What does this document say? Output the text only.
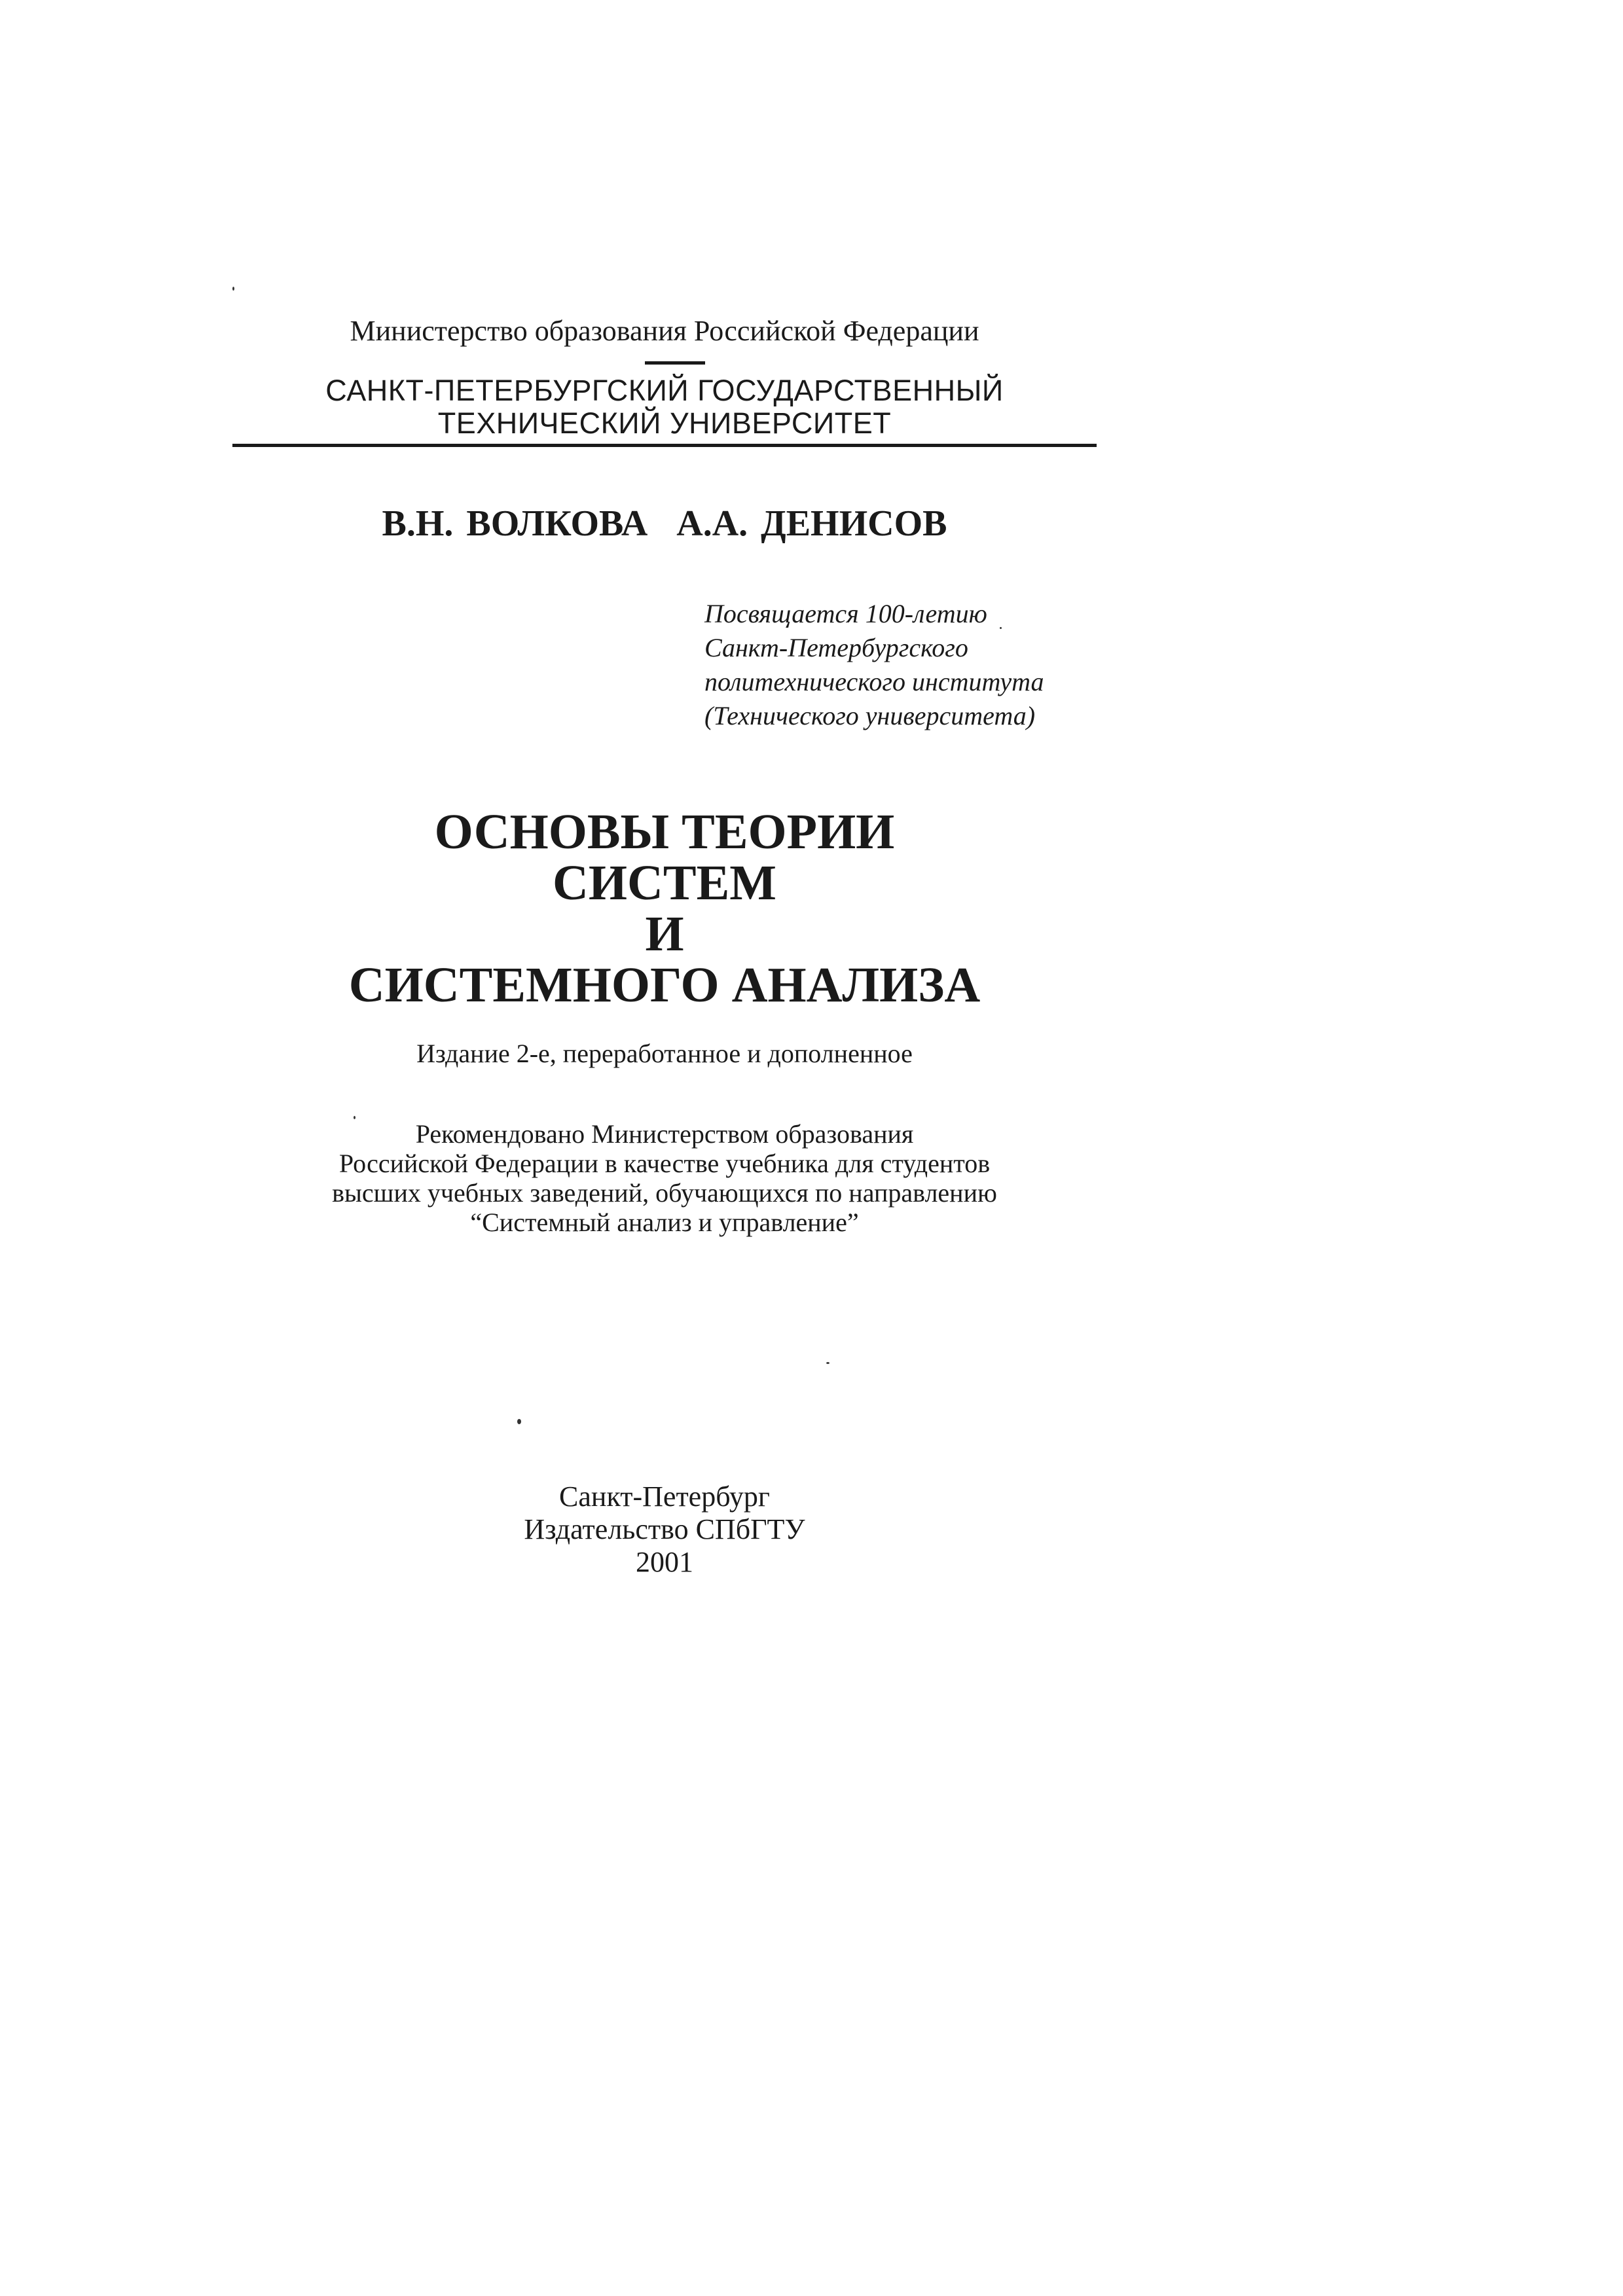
Министерство образования Российской Федерации
САНКТ-ПЕТЕРБУРГСКИЙ ГОСУДАРСТВЕННЫЙ
ТЕХНИЧЕСКИЙ УНИВЕРСИТЕТ
В.Н. ВОЛКОВА А.А. ДЕНИСОВ
Посвящается 100-летию
Санкт-Петербургского
политехнического института
(Технического университета)
ОСНОВЫ ТЕОРИИ
СИСТЕМ
И
СИСТЕМНОГО АНАЛИЗА
Издание 2-е, переработанное и дополненное
Рекомендовано Министерством образования
Российской Федерации в качестве учебника для студентов
высших учебных заведений, обучающихся по направлению
“Системный анализ и управление”
Санкт-Петербург
Издательство СПбГТУ
2001
